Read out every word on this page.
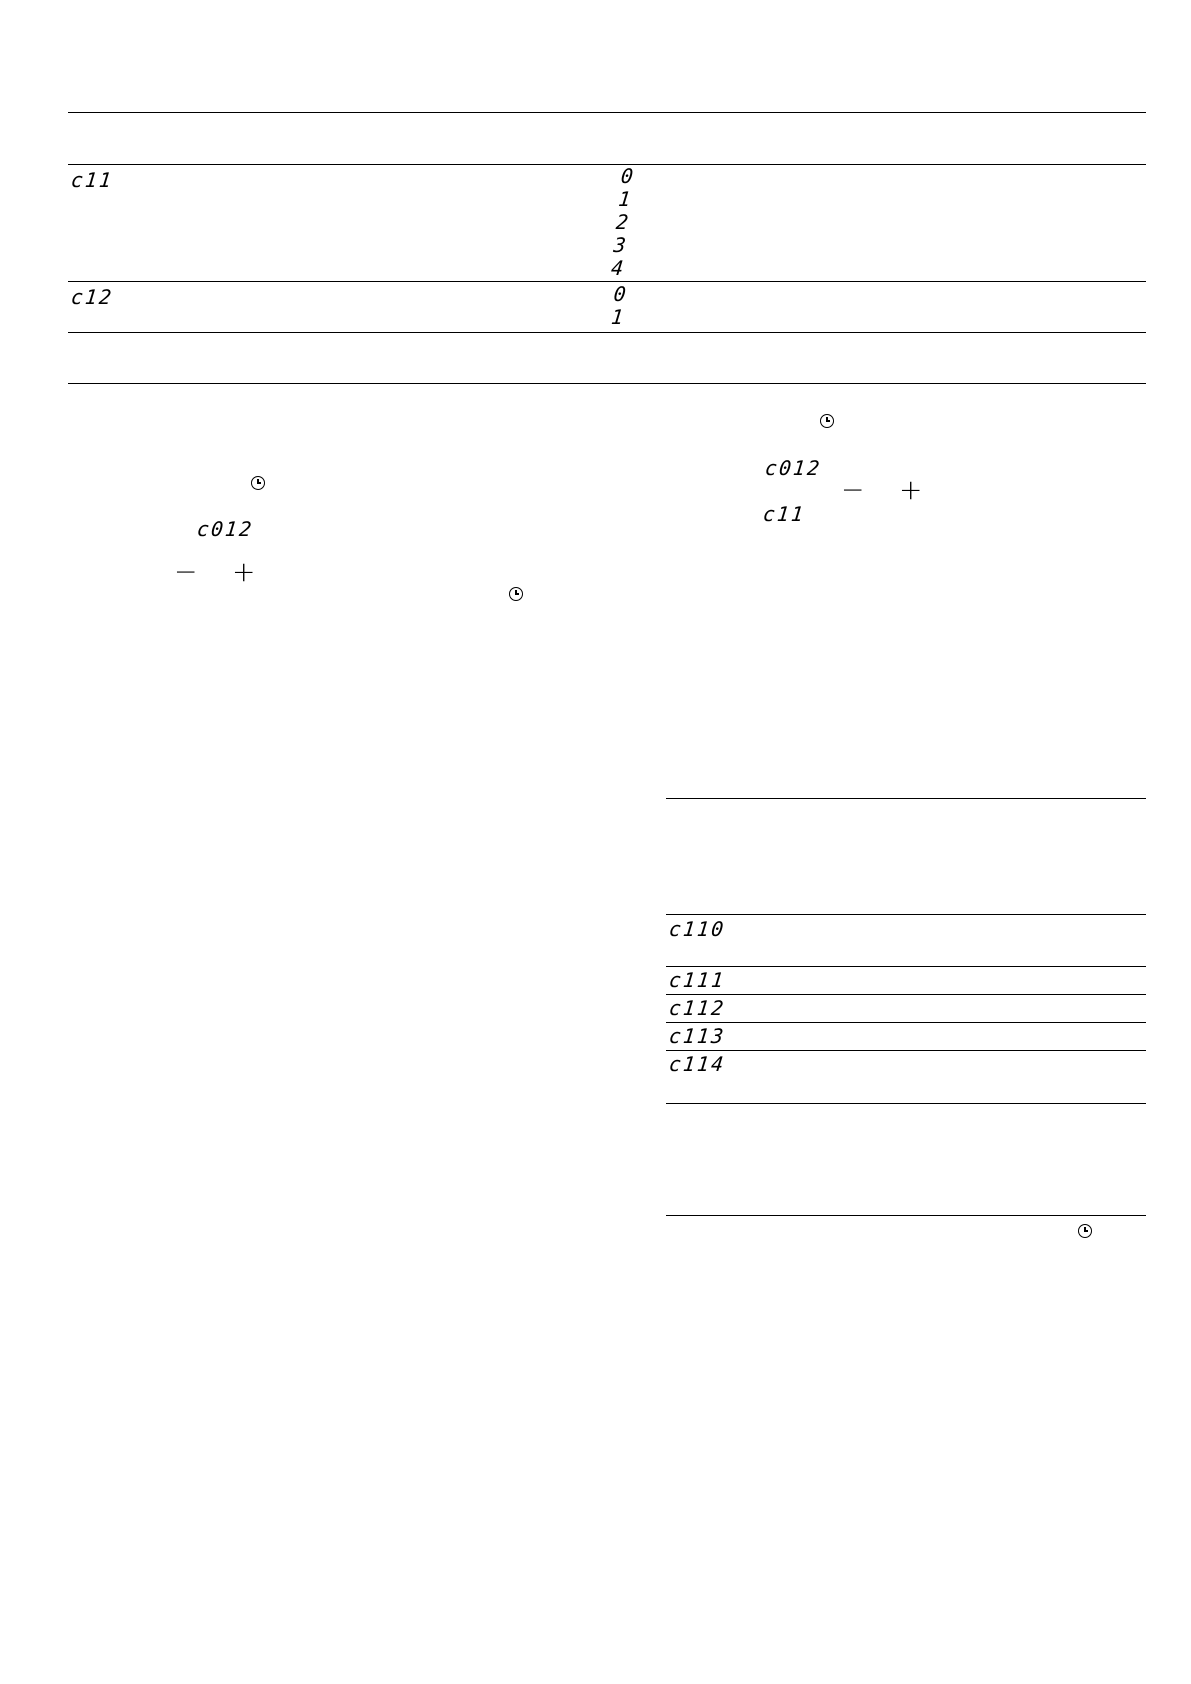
c11	0
1
2
3
4
c12	0
1
c012
− +
c012
− +
c11
c110
c111
c112
c113
c114
